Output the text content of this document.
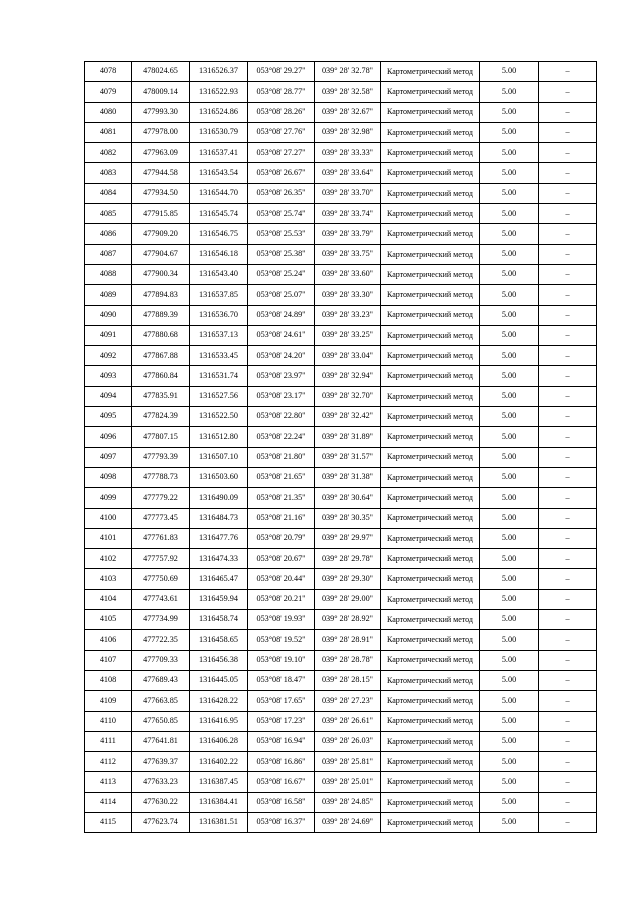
4078	478024.65	1316526.37	053°08' 29.27"	039° 28' 32.78"	Картометрический метод	5.00	–
4079	478009.14	1316522.93	053°08' 28.77"	039° 28' 32.58"	Картометрический метод	5.00	–
4080	477993.30	1316524.86	053°08' 28.26"	039° 28' 32.67"	Картометрический метод	5.00	–
4081	477978.00	1316530.79	053°08' 27.76"	039° 28' 32.98"	Картометрический метод	5.00	–
4082	477963.09	1316537.41	053°08' 27.27"	039° 28' 33.33"	Картометрический метод	5.00	–
4083	477944.58	1316543.54	053°08' 26.67"	039° 28' 33.64"	Картометрический метод	5.00	–
4084	477934.50	1316544.70	053°08' 26.35"	039° 28' 33.70"	Картометрический метод	5.00	–
4085	477915.85	1316545.74	053°08' 25.74"	039° 28' 33.74"	Картометрический метод	5.00	–
4086	477909.20	1316546.75	053°08' 25.53"	039° 28' 33.79"	Картометрический метод	5.00	–
4087	477904.67	1316546.18	053°08' 25.38"	039° 28' 33.75"	Картометрический метод	5.00	–
4088	477900.34	1316543.40	053°08' 25.24"	039° 28' 33.60"	Картометрический метод	5.00	–
4089	477894.83	1316537.85	053°08' 25.07"	039° 28' 33.30"	Картометрический метод	5.00	–
4090	477889.39	1316536.70	053°08' 24.89"	039° 28' 33.23"	Картометрический метод	5.00	–
4091	477880.68	1316537.13	053°08' 24.61"	039° 28' 33.25"	Картометрический метод	5.00	–
4092	477867.88	1316533.45	053°08' 24.20"	039° 28' 33.04"	Картометрический метод	5.00	–
4093	477860.84	1316531.74	053°08' 23.97"	039° 28' 32.94"	Картометрический метод	5.00	–
4094	477835.91	1316527.56	053°08' 23.17"	039° 28' 32.70"	Картометрический метод	5.00	–
4095	477824.39	1316522.50	053°08' 22.80"	039° 28' 32.42"	Картометрический метод	5.00	–
4096	477807.15	1316512.80	053°08' 22.24"	039° 28' 31.89"	Картометрический метод	5.00	–
4097	477793.39	1316507.10	053°08' 21.80"	039° 28' 31.57"	Картометрический метод	5.00	–
4098	477788.73	1316503.60	053°08' 21.65"	039° 28' 31.38"	Картометрический метод	5.00	–
4099	477779.22	1316490.09	053°08' 21.35"	039° 28' 30.64"	Картометрический метод	5.00	–
4100	477773.45	1316484.73	053°08' 21.16"	039° 28' 30.35"	Картометрический метод	5.00	–
4101	477761.83	1316477.76	053°08' 20.79"	039° 28' 29.97"	Картометрический метод	5.00	–
4102	477757.92	1316474.33	053°08' 20.67"	039° 28' 29.78"	Картометрический метод	5.00	–
4103	477750.69	1316465.47	053°08' 20.44"	039° 28' 29.30"	Картометрический метод	5.00	–
4104	477743.61	1316459.94	053°08' 20.21"	039° 28' 29.00"	Картометрический метод	5.00	–
4105	477734.99	1316458.74	053°08' 19.93"	039° 28' 28.92"	Картометрический метод	5.00	–
4106	477722.35	1316458.65	053°08' 19.52"	039° 28' 28.91"	Картометрический метод	5.00	–
4107	477709.33	1316456.38	053°08' 19.10"	039° 28' 28.78"	Картометрический метод	5.00	–
4108	477689.43	1316445.05	053°08' 18.47"	039° 28' 28.15"	Картометрический метод	5.00	–
4109	477663.85	1316428.22	053°08' 17.65"	039° 28' 27.23"	Картометрический метод	5.00	–
4110	477650.85	1316416.95	053°08' 17.23"	039° 28' 26.61"	Картометрический метод	5.00	–
4111	477641.81	1316406.28	053°08' 16.94"	039° 28' 26.03"	Картометрический метод	5.00	–
4112	477639.37	1316402.22	053°08' 16.86"	039° 28' 25.81"	Картометрический метод	5.00	–
4113	477633.23	1316387.45	053°08' 16.67"	039° 28' 25.01"	Картометрический метод	5.00	–
4114	477630.22	1316384.41	053°08' 16.58"	039° 28' 24.85"	Картометрический метод	5.00	–
4115	477623.74	1316381.51	053°08' 16.37"	039° 28' 24.69"	Картометрический метод	5.00	–
